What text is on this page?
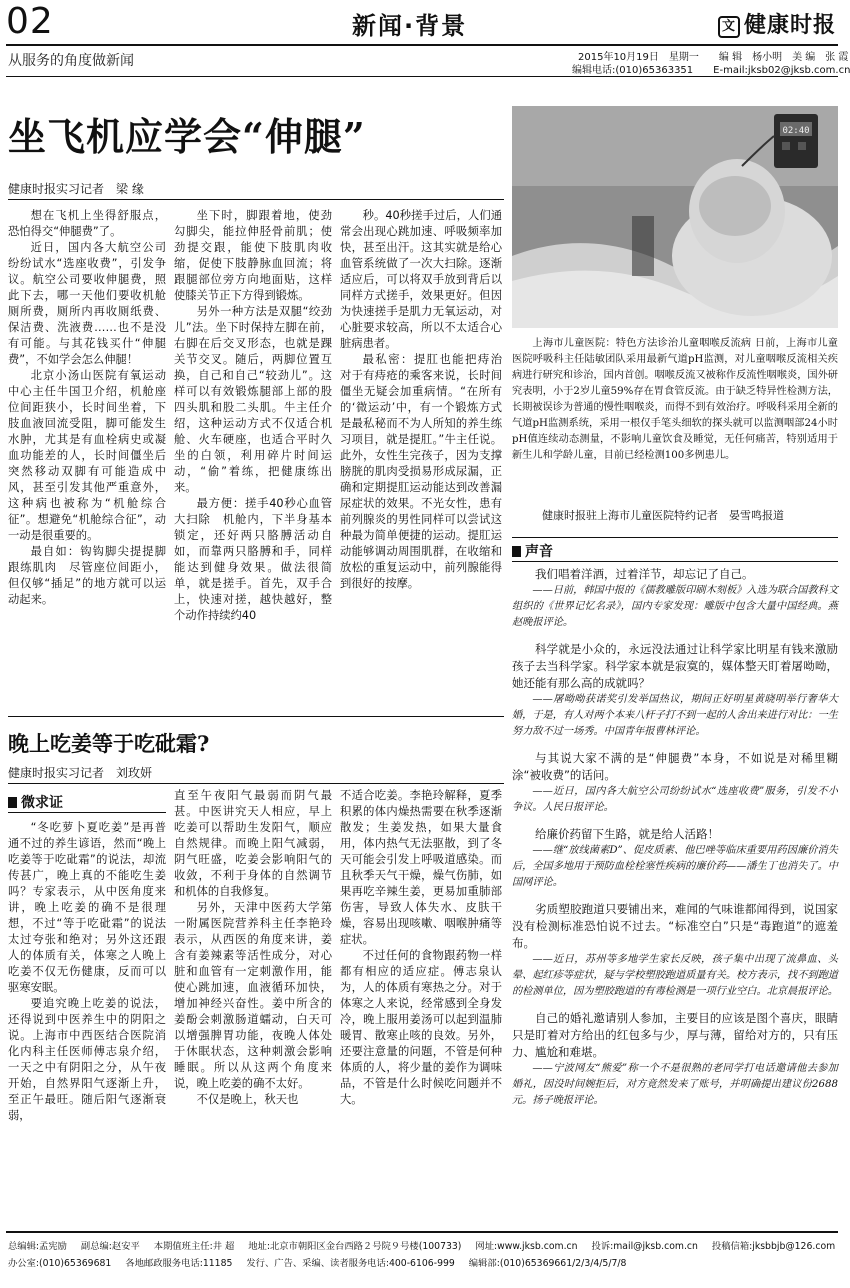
02	新闻·背景	文 健康时报
从服务的角度做新闻	2015年10月19日　星期一　　编 辑　杨小明　美 编　张 霞
编辑电话:(010)65363351　　E-mail:jksb02@jksb.com.cn
坐飞机应学会“伸腿”
健康时报实习记者　梁 缘

想在飞机上坐得舒服点，恐怕得交“伸腿费”了。

近日，国内各大航空公司纷纷试水“选座收费”，引发争议。航空公司要收伸腿费，照此下去，哪一天他们要收机舱厕所费，厕所内再收厕纸费、保洁费、洗液费……也不是没有可能。与其花钱买什“伸腿费”，不如学会怎么伸腿！

北京小汤山医院有氧运动中心主任牛国卫介绍，机舱座位间距狭小，长时间坐着，下肢血液回流受阻，脚可能发生水肿，尤其是有血栓病史或凝血功能差的人，长时间僵坐后突然移动双脚有可能造成中风，甚至引发其他严重意外，这种病也被称为“机舱综合征”。想避免“机舱综合征”，动一动是很重要的。

最自如：钩钩脚尖提提脚跟练肌肉　尽管座位间距小，但仅够“插足”的地方就可以运动起来。

坐下时，脚跟着地，使劲勾脚尖，能拉伸胫骨前肌；使劲提交跟，能使下肢肌肉收缩，促使下肢静脉血回流；将跟腿部位旁方向地面贴，这样使膝关节正下方得到锻炼。

另外一种方法是双腿“绞劲儿”法。坐下时保持左脚在前，右脚在后交叉形态，也就是踝关节交叉。随后，两脚位置互换，自己和自己“较劲儿”。这样可以有效锻炼腿部上部的股四头肌和股二头肌。牛主任介绍，这种运动方式不仅适合机舱、火车硬座，也适合平时久坐的白领，利用碎片时间运动，“偷”着练，把健康练出来。

最方便：搓手40秒心血管大扫除　机舱内，下半身基本锁定，还好两只胳膊活动自如，而靠两只胳膊和手，同样能达到健身效果。做法很简单，就是搓手。首先，双手合上，快速对搓，越快越好，整个动作持续约40

秒。40秒搓手过后，人们通常会出现心跳加速、呼吸频率加快，甚至出汗。这其实就是给心血管系统做了一次大扫除。逐渐适应后，可以将双手放到背后以同样方式搓手，效果更好。但因为快速搓手是肌力无氧运动，对心脏要求较高，所以不太适合心脏病患者。

最私密：提肛也能把痔治　对于有痔疮的乘客来说，长时间僵坐无疑会加重病情。“在所有的‘微运动’中，有一个锻炼方式是最私秘而不为人所知的养生练习项目，就是提肛。”牛主任说。此外，女性生完孩子，因为支撑膀胱的肌肉受损易形成尿漏，正确和定期提肛运动能达到改善漏尿症状的效果。不光女性，患有前列腺炎的男性同样可以尝试这种最为简单便捷的运动。提肛运动能够调动周围肌群，在收缩和放松的重复运动中，前列腺能得到很好的按摩。

02:40
上海市儿童医院：特色方法诊治儿童咽喉反流病 日前，上海市儿童医院呼吸科主任陆敏团队采用最新气道pH监测，对儿童咽喉反流相关疾病进行研究和诊治，国内首创。咽喉反流又被称作反流性咽喉炎，国外研究表明，小于2岁儿童59%存在胃食管反流。由于缺乏特异性检测方法，长期被误诊为普通的慢性咽喉炎，而得不到有效治疗。呼吸科采用全新的气道pH监测系统，采用一根仅手笔头细软的探头就可以监测咽部24小时pH值连续动态测量，不影响儿童饮食及睡觉，无任何痛苦，特别适用于新生儿和学龄儿童，目前已经检测100多例患儿。
健康时报驻上海市儿童医院特约记者　晏雪鸣报道
声音
我们唱着洋酒，过着洋节，却忘记了自己。
——日前，韩国中报的《儒教雕版印刷木刻板》入选为联合国教科文组织的《世界记忆名录》，国内专家发现：雕版中包含大量中国经典。燕赵晚报评论。
科学就是小众的，永远没法通过让科学家比明星有钱来激励孩子去当科学家。科学家本就是寂寞的，媒体整天盯着屠呦呦，她还能有那么高的成就吗？
——屠呦呦获诺奖引发举国热议，期间正好明星黄晓明举行奢华大婚，于是，有人对两个本来八杆子打不到一起的人舍出来进行对比：一生努力敌不过一场秀。中国青年报曹林评论。
与其说大家不满的是“伸腿费”本身，不如说是对稀里糊涂“被收费”的话问。
——近日，国内各大航空公司纷纷试水“选座收费”服务，引发不小争议。人民日报评论。
给廉价药留下生路，就是给人活路！
——继“放线菌素D”、促皮质素、他巴唑等临床重要用药因廉价消失后，全国多地用于预防血栓栓塞性疾病的廉价药——潘生丁也消失了。中国网评论。
劣质塑胶跑道只要铺出来，难闻的气味谁都闻得到，说国家没有检测标准恐怕说不过去。“标准空白”只是“毒跑道”的遮羞布。
——近日，苏州等多地学生家长反映，孩子集中出现了流鼻血、头晕、起红疹等症状，疑与学校塑胶跑道质量有关。校方表示，找不到跑道的检测单位，因为塑胶跑道的有毒检测是一项行业空白。北京晨报评论。
自己的婚礼邀请别人参加，主要目的应该是图个喜庆，眼睛只是盯着对方给出的红包多与少，厚与薄，留给对方的，只有压力、尴尬和难堪。
——宁波网友“熊爱”称一个不是很熟的老同学打电话邀请他去参加婚礼，因没时间婉拒后，对方竟然发来了账号，并明确提出建议份2688元。扬子晚报评论。
晚上吃姜等于吃砒霜?
健康时报实习记者　刘玫妍
微求证

“冬吃萝卜夏吃姜”是再普通不过的养生谚语，然而“晚上吃姜等于吃砒霜”的说法，却流传甚广，晚上真的不能吃生姜吗？专家表示，从中医角度来讲，晚上吃姜的确不是很理想，不过“等于吃砒霜”的说法太过夸张和绝对；另外这还跟人的体质有关，体寒之人晚上吃姜不仅无伤健康，反而可以驱寒安眠。

要追究晚上吃姜的说法，还得说到中医养生中的阴阳之说。上海市中西医结合医院消化内科主任医师傅志泉介绍，一天之中有阴阳之分，从午夜开始，自然界阳气逐渐上升，至正午最旺。随后阳气逐渐衰弱，

直至午夜阳气最弱而阴气最甚。中医讲究天人相应，早上吃姜可以帮助生发阳气，顺应自然规律。而晚上阳气减弱，阴气旺盛，吃姜会影响阳气的收敛，不利于身体的自然调节和机体的自我修复。

另外，天津中医药大学第一附属医院营养科主任李艳玲表示，从西医的角度来讲，姜含有姜辣素等活性成分，对心脏和血管有一定刺激作用，能使心跳加速，血液循环加快，增加神经兴奋性。姜中所含的姜酚会刺激肠道蠕动，白天可以增强脾胃功能，夜晚人体处于休眠状态，这种刺激会影响睡眠。所以从这两个角度来说，晚上吃姜的确不太好。

不仅是晚上，秋天也

不适合吃姜。李艳玲解释，夏季积累的体内燥热需要在秋季逐渐散发；生姜发热，如果大量食用，体内热气无法驱散，到了冬天可能会引发上呼吸道感染。而且秋季天气干燥，燥气伤肺，如果再吃辛辣生姜，更易加重肺部伤害，导致人体失水、皮肤干燥，容易出现咳嗽、咽喉肿痛等症状。

不过任何的食物跟药物一样都有相应的适应症。傅志泉认为，人的体质有寒热之分。对于体寒之人来说，经常感到全身发冷，晚上服用姜汤可以起到温肺暖胃、散寒止咳的良效。另外，还要注意量的问题，不管是何种体质的人，将少量的姜作为调味品，不管是什么时候吃问题并不大。

总编辑:孟宪励 副总编:赵安平 本期值班主任:井 超 地址:北京市朝阳区金台西路２号院９号楼(100733) 网址:www.jksb.com.cn 投诉:mail@jksb.com.cn 投稿信箱:jksbbjb@126.com
办公室:(010)65369681 各地邮政服务电话:11185 发行、广告、采编、读者服务电话:400-6106-999 编辑部:(010)65369661/2/3/4/5/7/8
